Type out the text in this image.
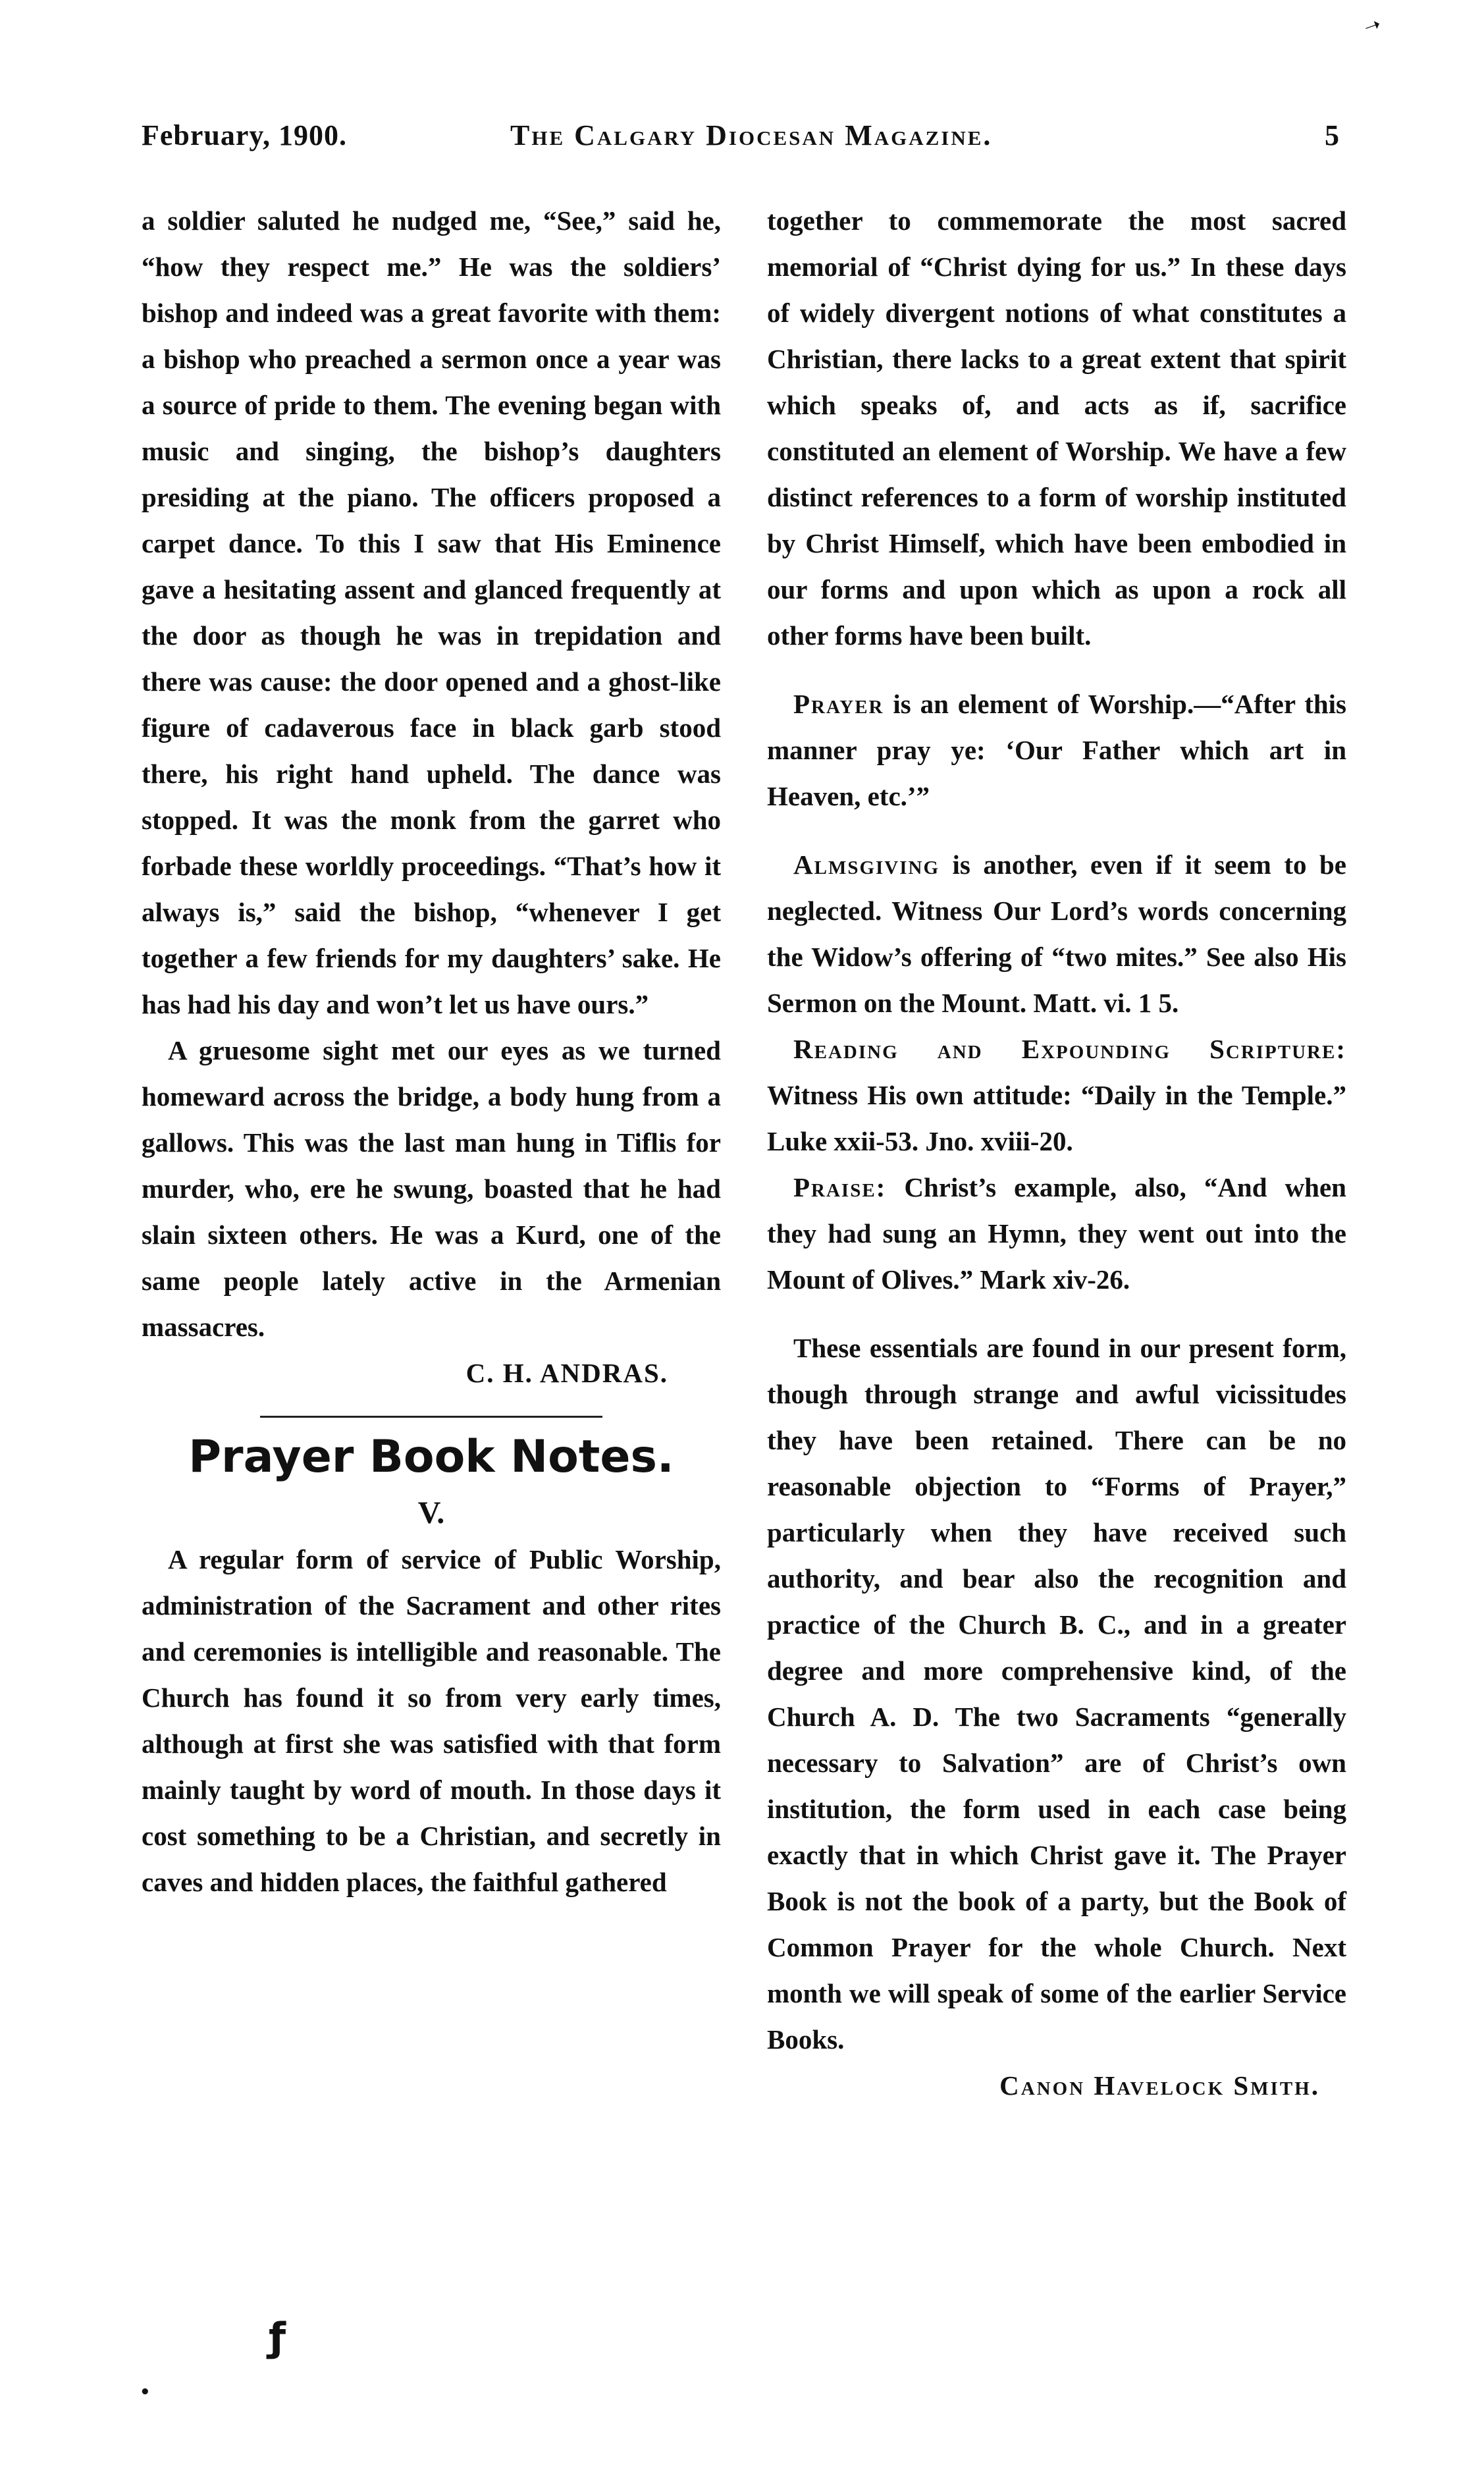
February, 1900.	The Calgary Diocesan Magazine.	5

a soldier saluted he nudged me, “See,” said he, “how they respect me.” He was the soldiers’ bishop and indeed was a great favorite with them: a bishop who preached a sermon once a year was a source of pride to them. The evening began with music and singing, the bishop’s daughters presiding at the piano. The officers proposed a carpet dance. To this I saw that His Eminence gave a hesitating assent and glanced frequently at the door as though he was in trepidation and there was cause: the door opened and a ghost-like figure of cadaverous face in black garb stood there, his right hand upheld. The dance was stopped. It was the monk from the garret who forbade these worldly proceedings. “That’s how it always is,” said the bishop, “whenever I get together a few friends for my daughters’ sake. He has had his day and won’t let us have ours.”

A gruesome sight met our eyes as we turned homeward across the bridge, a body hung from a gallows. This was the last man hung in Tiflis for murder, who, ere he swung, boasted that he had slain sixteen others. He was a Kurd, one of the same people lately active in the Armenian massacres.

C. H. ANDRAS.

Prayer Book Notes.
V.

A regular form of service of Public Worship, administration of the Sacrament and other rites and ceremonies is intelligible and reasonable. The Church has found it so from very early times, although at first she was satisfied with that form mainly taught by word of mouth. In those days it cost something to be a Christian, and secretly in caves and hidden places, the faithful gathered

together to commemorate the most sacred memorial of “Christ dying for us.” In these days of widely divergent notions of what constitutes a Christian, there lacks to a great extent that spirit which speaks of, and acts as if, sacrifice constituted an element of Worship. We have a few distinct references to a form of worship instituted by Christ Himself, which have been embodied in our forms and upon which as upon a rock all other forms have been built.

Prayer is an element of Worship.—“After this manner pray ye: ‘Our Father which art in Heaven, etc.’”

Almsgiving is another, even if it seem to be neglected. Witness Our Lord’s words concerning the Widow’s offering of “two mites.” See also His Sermon on the Mount. Matt. vi. 1 5.

Reading and Expounding Scripture: Witness His own attitude: “Daily in the Temple.” Luke xxii-53. Jno. xviii-20.

Praise: Christ’s example, also, “And when they had sung an Hymn, they went out into the Mount of Olives.” Mark xiv-26.

These essentials are found in our present form, though through strange and awful vicissitudes they have been retained. There can be no reasonable objection to “Forms of Prayer,” particularly when they have received such authority, and bear also the recognition and practice of the Church B. C., and in a greater degree and more comprehensive kind, of the Church A. D. The two Sacraments “generally necessary to Salvation” are of Christ’s own institution, the form used in each case being exactly that in which Christ gave it. The Prayer Book is not the book of a party, but the Book of Common Prayer for the whole Church. Next month we will speak of some of the earlier Service Books.

Canon Havelock Smith.

➝
ƒ
•
